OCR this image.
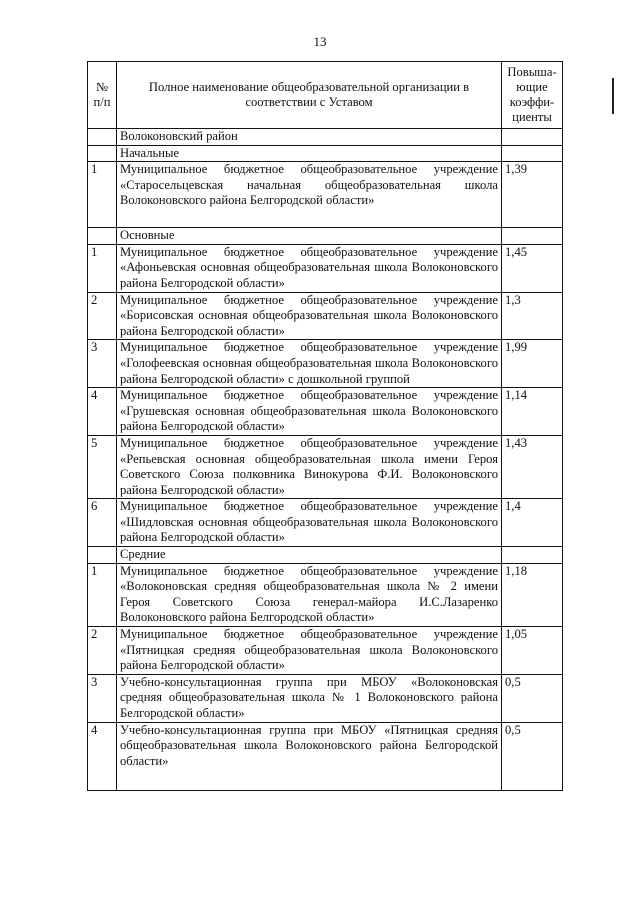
13
№ п/п	Полное наименование общеобразовательной организации в соответствии с Уставом	Повыша-ющие коэффи-циенты
	Волоконовский район	
	Начальные	
1	Муниципальное бюджетное общеобразовательное учреждение «Старосельцевская начальная общеобразовательная школа Волоконовского района Белгородской области»	1,39
	Основные	
1	Муниципальное бюджетное общеобразовательное учреждение «Афоньевская основная общеобразовательная школа Волоконовского района Белгородской области»	1,45
2	Муниципальное бюджетное общеобразовательное учреждение «Борисовская основная общеобразовательная школа Волоконовского района Белгородской области»	1,3
3	Муниципальное бюджетное общеобразовательное учреждение «Голофеевская основная общеобразовательная школа Волоконовского района Белгородской области» с дошкольной группой	1,99
4	Муниципальное бюджетное общеобразовательное учреждение «Грушевская основная общеобразовательная школа Волоконовского района Белгородской области»	1,14
5	Муниципальное бюджетное общеобразовательное учреждение «Репьевская основная общеобразовательная школа имени Героя Советского Союза полковника Винокурова Ф.И. Волоконовского района Белгородской области»	1,43
6	Муниципальное бюджетное общеобразовательное учреждение «Шидловская основная общеобразовательная школа Волоконовского района Белгородской области»	1,4
	Средние	
1	Муниципальное бюджетное общеобразовательное учреждение «Волоконовская средняя общеобразовательная школа № 2 имени Героя Советского Союза генерал-майора И.С.Лазаренко Волоконовского района Белгородской области»	1,18
2	Муниципальное бюджетное общеобразовательное учреждение «Пятницкая средняя общеобразовательная школа Волоконовского района Белгородской области»	1,05
3	Учебно-консультационная группа при МБОУ «Волоконовская средняя общеобразовательная школа № 1 Волоконовского района Белгородской области»	0,5
4	Учебно-консультационная группа при МБОУ «Пятницкая средняя общеобразовательная школа Волоконовского района Белгородской области»	0,5
